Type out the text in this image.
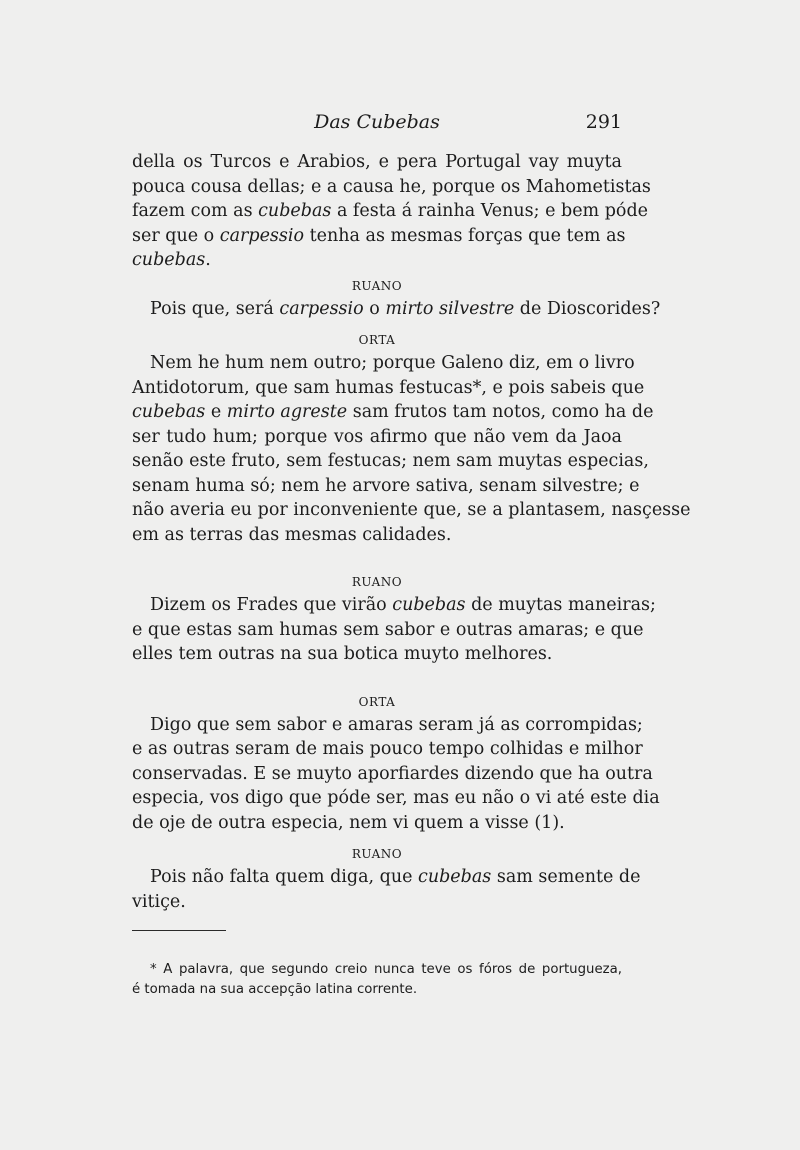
Das Cubebas	291
della os Turcos e Arabios, e pera Portugal vay muyta
pouca cousa dellas; e a causa he, porque os Mahometistas
fazem com as cubebas a festa á rainha Venus; e bem póde
ser que o carpessio tenha as mesmas forças que tem as
cubebas.
RUANO
Pois que, será carpessio o mirto silvestre de Dioscorides?
ORTA
Nem he hum nem outro; porque Galeno diz, em o livro
Antidotorum, que sam humas festucas*, e pois sabeis que
cubebas e mirto agreste sam frutos tam notos, como ha de
ser tudo hum; porque vos afirmo que não vem da Jaoa
senão este fruto, sem festucas; nem sam muytas especias,
senam huma só; nem he arvore sativa, senam silvestre; e
não averia eu por inconveniente que, se a plantasem, nasçesse
em as terras das mesmas calidades.
RUANO
Dizem os Frades que virão cubebas de muytas maneiras;
e que estas sam humas sem sabor e outras amaras; e que
elles tem outras na sua botica muyto melhores.
ORTA
Digo que sem sabor e amaras seram já as corrompidas;
e as outras seram de mais pouco tempo colhidas e milhor
conservadas. E se muyto aporfiardes dizendo que ha outra
especia, vos digo que póde ser, mas eu não o vi até este dia
de oje de outra especia, nem vi quem a visse (1).
RUANO
Pois não falta quem diga, que cubebas sam semente de
vitiçe.
* A palavra, que segundo creio nunca teve os fóros de portugueza,
é tomada na sua accepção latina corrente.
